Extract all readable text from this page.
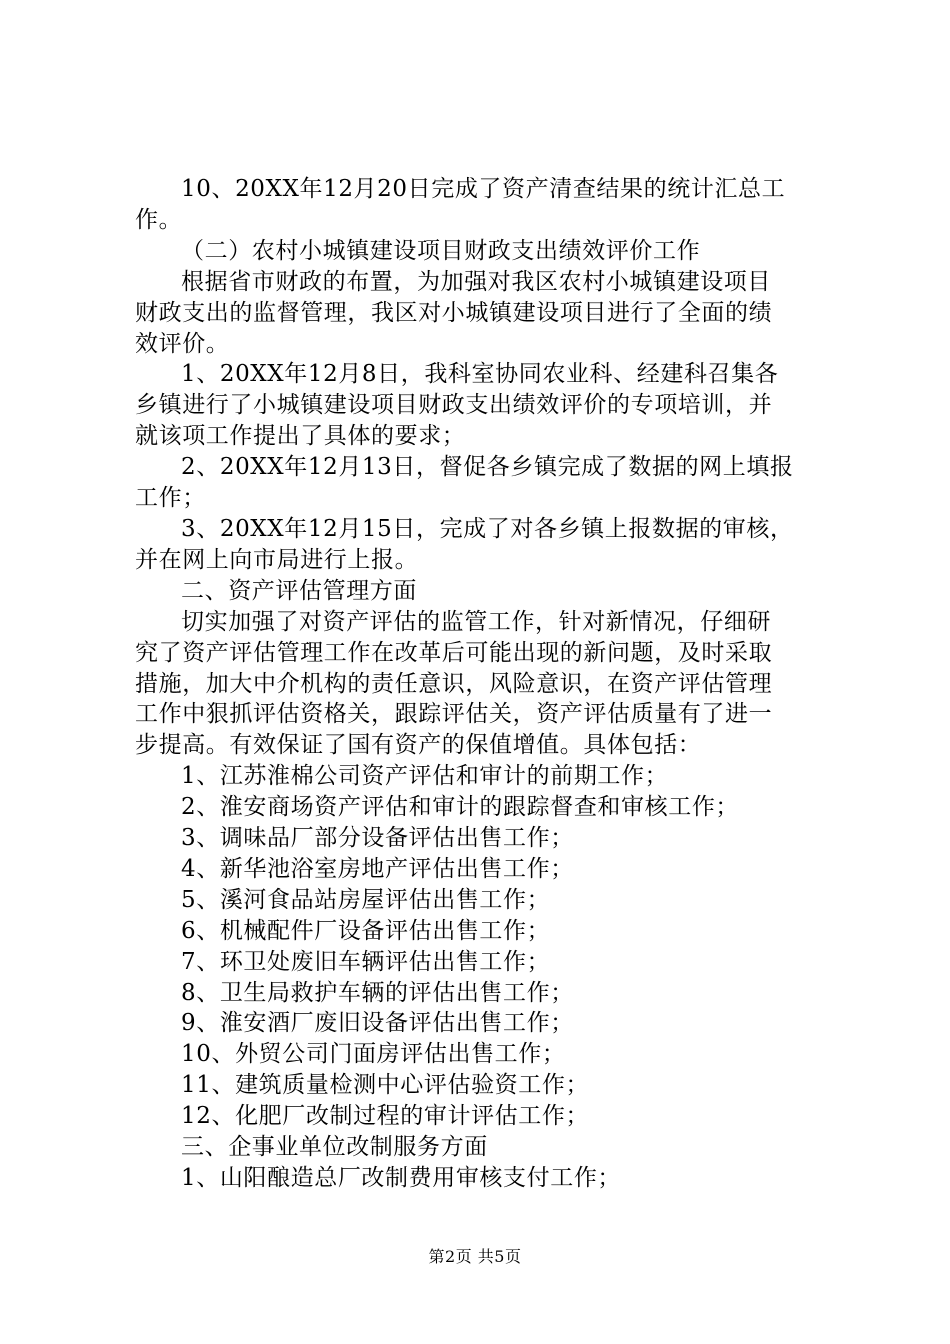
10、20XX年12月20日完成了资产清查结果的统计汇总工
作。
（二）农村小城镇建设项目财政支出绩效评价工作
根据省市财政的布置，为加强对我区农村小城镇建设项目
财政支出的监督管理，我区对小城镇建设项目进行了全面的绩
效评价。
1、20XX年12月8日，我科室协同农业科、经建科召集各
乡镇进行了小城镇建设项目财政支出绩效评价的专项培训，并
就该项工作提出了具体的要求；
2、20XX年12月13日，督促各乡镇完成了数据的网上填报
工作；
3、20XX年12月15日，完成了对各乡镇上报数据的审核，
并在网上向市局进行上报。
二、资产评估管理方面
切实加强了对资产评估的监管工作，针对新情况，仔细研
究了资产评估管理工作在改革后可能出现的新问题，及时采取
措施，加大中介机构的责任意识，风险意识，在资产评估管理
工作中狠抓评估资格关，跟踪评估关，资产评估质量有了进一
步提高。有效保证了国有资产的保值增值。具体包括：
1、江苏淮棉公司资产评估和审计的前期工作；
2、淮安商场资产评估和审计的跟踪督查和审核工作；
3、调味品厂部分设备评估出售工作；
4、新华池浴室房地产评估出售工作；
5、溪河食品站房屋评估出售工作；
6、机械配件厂设备评估出售工作；
7、环卫处废旧车辆评估出售工作；
8、卫生局救护车辆的评估出售工作；
9、淮安酒厂废旧设备评估出售工作；
10、外贸公司门面房评估出售工作；
11、建筑质量检测中心评估验资工作；
12、化肥厂改制过程的审计评估工作；
三、企事业单位改制服务方面
1、山阳酿造总厂改制费用审核支付工作；
第2页 共5页
